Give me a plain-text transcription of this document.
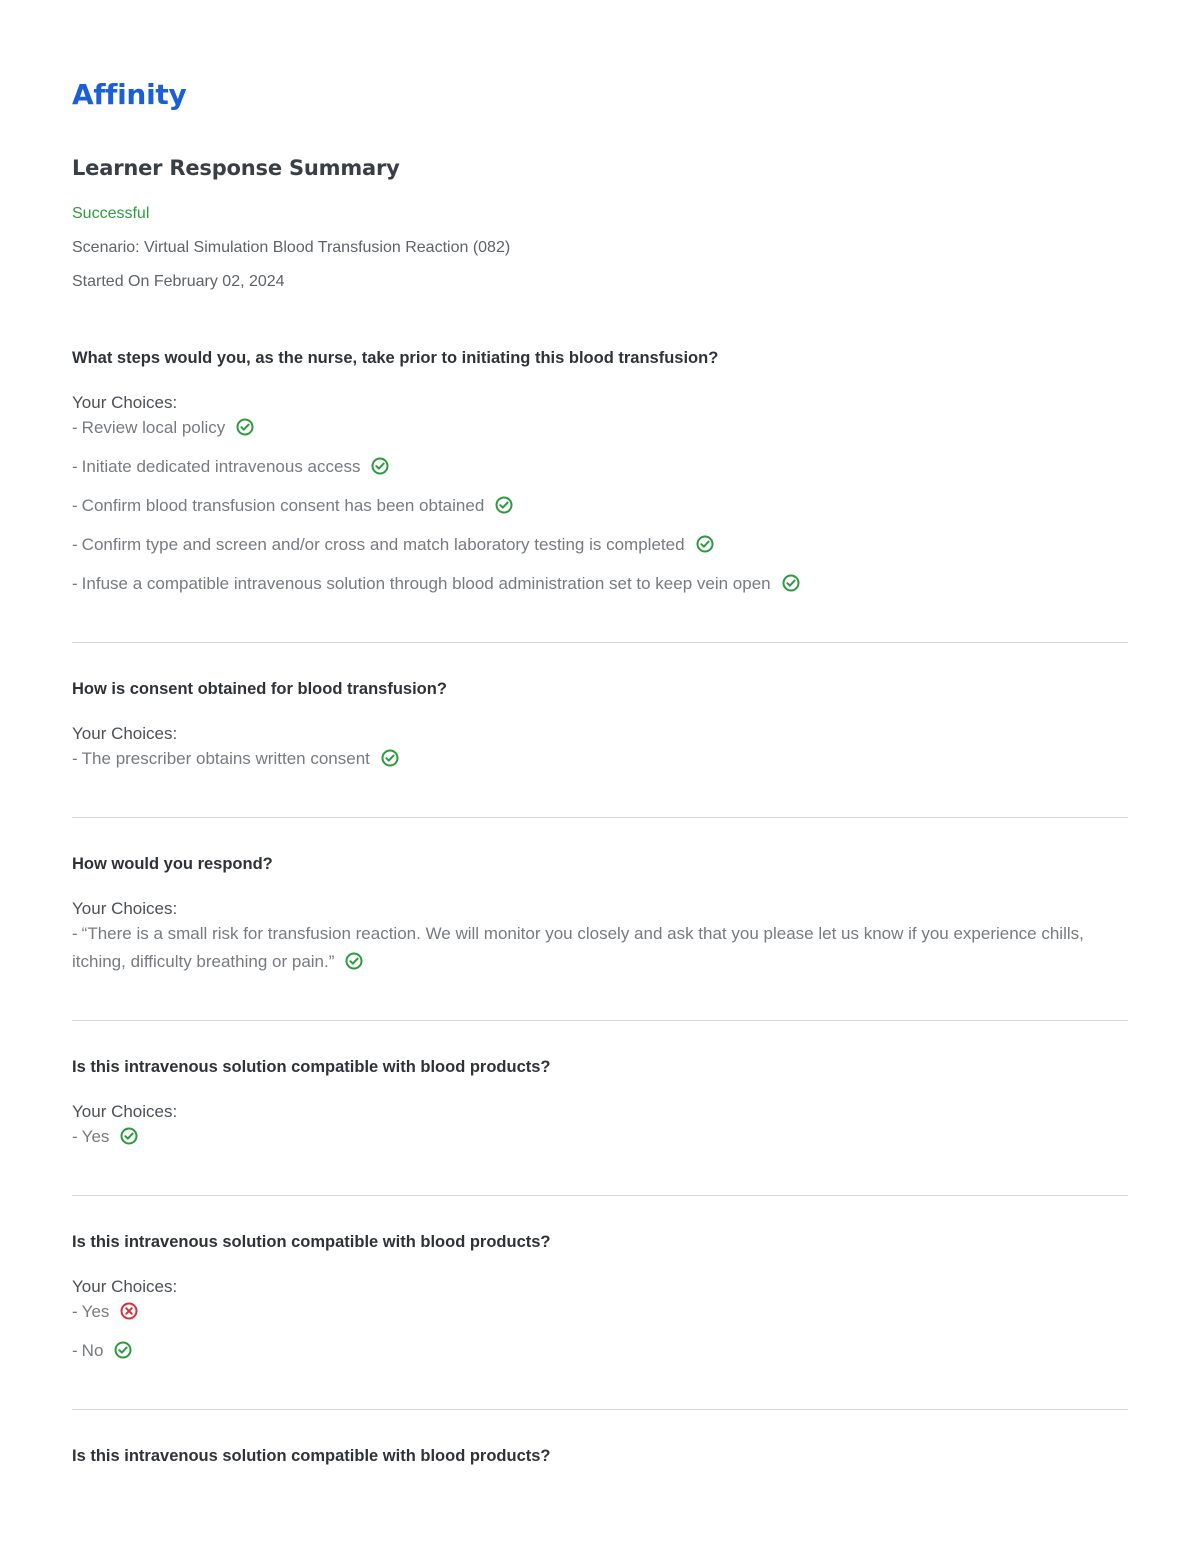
Affinity
Learner Response Summary
Successful
Scenario: Virtual Simulation Blood Transfusion Reaction (082)
Started On February 02, 2024
What steps would you, as the nurse, take prior to initiating this blood transfusion?
Your Choices:
- Review local policy
- Initiate dedicated intravenous access
- Confirm blood transfusion consent has been obtained
- Confirm type and screen and/or cross and match laboratory testing is completed
- Infuse a compatible intravenous solution through blood administration set to keep vein open
How is consent obtained for blood transfusion?
Your Choices:
- The prescriber obtains written consent
How would you respond?
Your Choices:
- “There is a small risk for transfusion reaction. We will monitor you closely and ask that you please let us know if you experience chills, itching, difficulty breathing or pain.”
Is this intravenous solution compatible with blood products?
Your Choices:
- Yes
Is this intravenous solution compatible with blood products?
Your Choices:
- Yes
- No
Is this intravenous solution compatible with blood products?
